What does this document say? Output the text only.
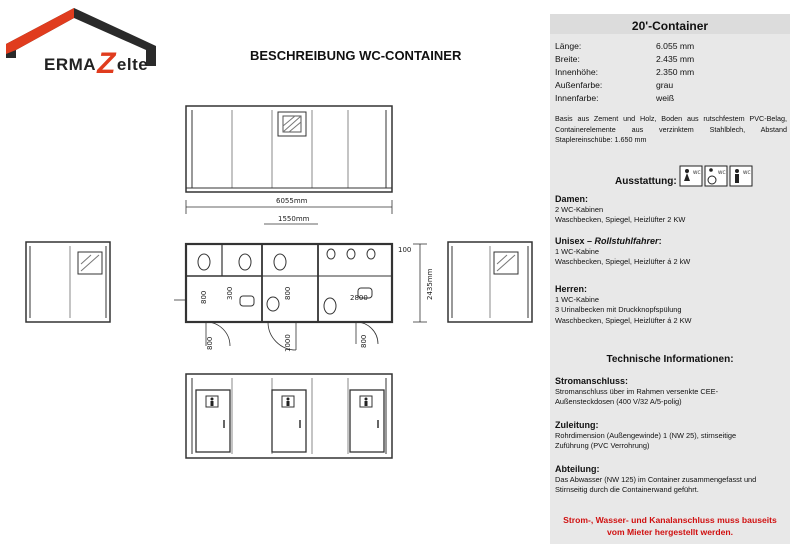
ERMAZelte	BESCHREIBUNG WC-CONTAINER
6055mm
1550mm
100
2800	2435mm
800	1000	800
800	300	800
20'-Container
Länge:	6.055 mm
Breite:	2.435 mm
Innenhöhe:	2.350 mm
Außenfarbe:	grau
Innenfarbe:	weiß
Basis aus Zement und Holz, Boden aus rutschfestem PVC-Belag, Containerelemente aus verzinktem Stahlblech, Abstand Staplereinschübe: 1.650 mm
Ausstattung:
WC	WC	WC
Damen:
2 WC-Kabinen
Waschbecken, Spiegel, Heizlüfter 2 KW
Unisex – Rollstuhlfahrer:
1 WC-Kabine
Waschbecken, Spiegel, Heizlüfter á 2 kW
Herren:
1 WC-Kabine
3 Urinalbecken mit Druckknopfspülung
Waschbecken, Spiegel, Heizlüfter á 2 KW
Technische Informationen:
Stromanschluss:
Stromanschluss über im Rahmen versenkte CEE-
Außensteckdosen (400 V/32 A/5-polig)
Zuleitung:
Rohrdimension (Außengewinde) 1 (NW 25), stirnseitige
Zuführung (PVC Verrohrung)
Abteilung:
Das Abwasser (NW 125) im Container zusammengefasst und
Stirnseitig durch die Containerwand geführt.
Strom-, Wasser- und Kanalanschluss muss bauseits
vom Mieter hergestellt werden.
